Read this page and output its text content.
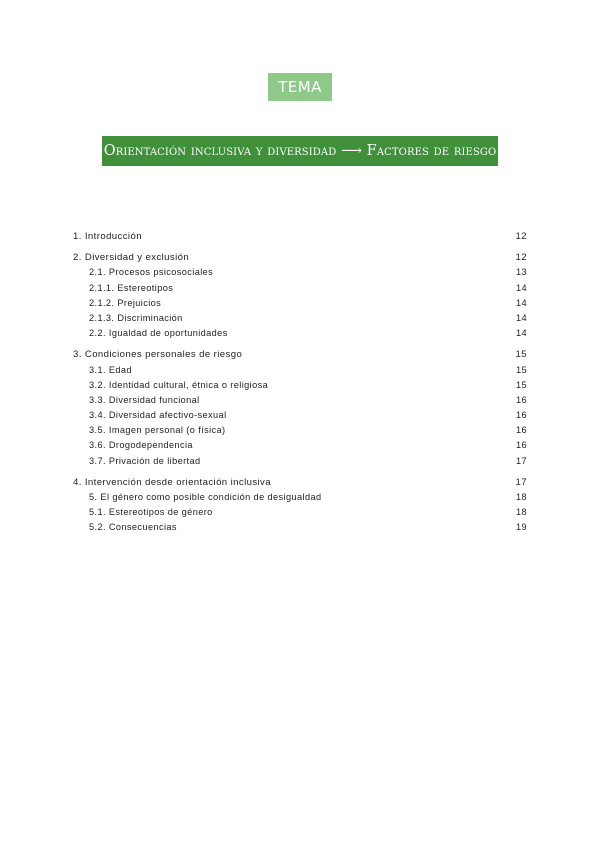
TEMA 2:
Orientación inclusiva y diversidad ⟶ Factores de riesgo
1. Introducción	12
2. Diversidad y exclusión	12
2.1. Procesos psicosociales	13
2.1.1. Estereotipos	14
2.1.2. Prejuicios	14
2.1.3. Discriminación	14
2.2. Igualdad de oportunidades	14
3. Condiciones personales de riesgo	15
3.1. Edad	15
3.2. Identidad cultural, étnica o religiosa	15
3.3. Diversidad funcional	16
3.4. Diversidad afectivo-sexual	16
3.5. Imagen personal (o física)	16
3.6. Drogodependencia	16
3.7. Privación de libertad	17
4. Intervención desde orientación inclusiva	17
5. El género como posible condición de desigualdad	18
5.1. Estereotipos de género	18
5.2. Consecuencias	19
